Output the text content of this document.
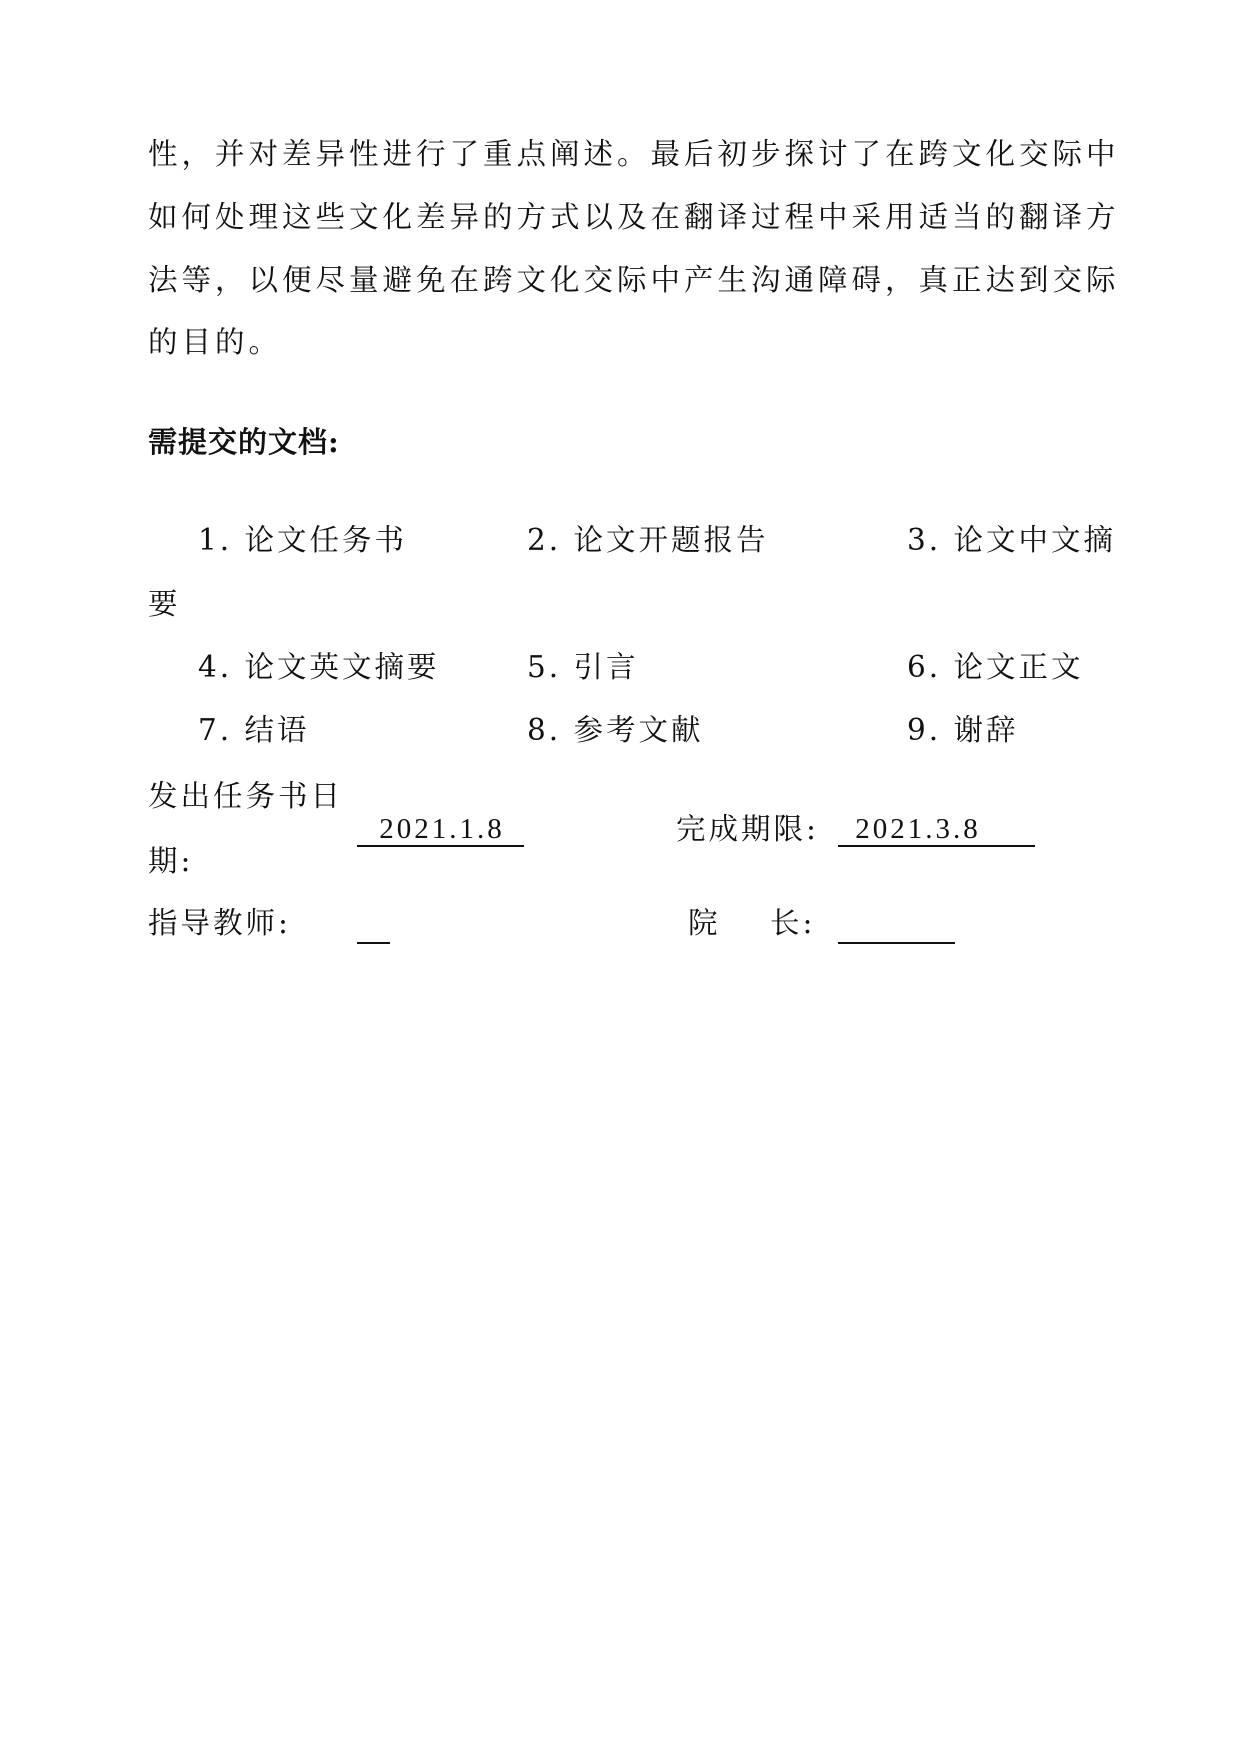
性，并对差异性进行了重点阐述。最后初步探讨了在跨文化交际中
如何处理这些文化差异的方式以及在翻译过程中采用适当的翻译方
法等，以便尽量避免在跨文化交际中产生沟通障碍，真正达到交际
的目的。
需提交的文档:
1. 论文任务书	2. 论文开题报告	3. 论文中文摘
要
4. 论文英文摘要	5. 引言	6. 论文正文
7. 结语	8. 参考文献	9. 谢辞
发出任务书日
期:
2021.1.8	完成期限:	2021.3.8
指导教师:	院    长:
